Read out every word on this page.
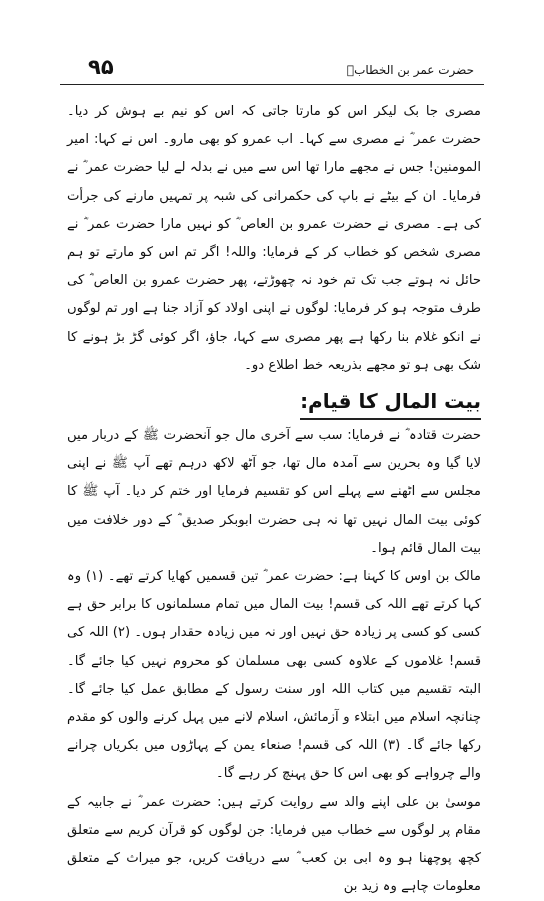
۹۵	حضرت عمر بن الخطابؓ

مصری جا بک لیکر اس کو مارتا جاتی کہ اس کو نیم بے ہوش کر دیا۔ حضرت عمر ؓ نے مصری سے کہا۔ اب عمرو کو بھی مارو۔ اس نے کہا: امیر المومنین! جس نے مجھے مارا تھا اس سے میں نے بدلہ لے لیا حضرت عمر ؓ نے فرمایا۔ ان کے بیٹے نے باپ کی حکمرانی کی شبہ پر تمہیں مارنے کی جرأت کی ہے۔ مصری نے حضرت عمرو بن العاص ؓ کو نہیں مارا حضرت عمر ؓ نے مصری شخص کو خطاب کر کے فرمایا: واللہ! اگر تم اس کو مارتے تو ہم حائل نہ ہوتے جب تک تم خود نہ چھوڑتے، پھر حضرت عمرو بن العاص ؓ کی طرف متوجہ ہو کر فرمایا: لوگوں نے اپنی اولاد کو آزاد جنا ہے اور تم لوگوں نے انکو غلام بنا رکھا ہے پھر مصری سے کہا، جاؤ، اگر کوئی گڑ بڑ ہونے کا شک بھی ہو تو مجھے بذریعہ خط اطلاع دو۔

بیت المال کا قیام:

حضرت قتادہ ؓ نے فرمایا: سب سے آخری مال جو آنحضرت ﷺ کے دربار میں لایا گیا وہ بحرین سے آمدہ مال تھا، جو آٹھ لاکھ درہم تھے آپ ﷺ نے اپنی مجلس سے اٹھنے سے پہلے اس کو تقسیم فرمایا اور ختم کر دیا۔ آپ ﷺ کا کوئی بیت المال نہیں تھا نہ ہی حضرت ابوبکر صدیق ؓ کے دور خلافت میں بیت المال قائم ہوا۔

مالک بن اوس کا کہنا ہے: حضرت عمر ؓ تین قسمیں کھایا کرتے تھے۔ (۱) وہ کہا کرتے تھے اللہ کی قسم! بیت المال میں تمام مسلمانوں کا برابر حق ہے کسی کو کسی پر زیادہ حق نہیں اور نہ میں زیادہ حقدار ہوں۔ (۲) اللہ کی قسم! غلاموں کے علاوہ کسی بھی مسلمان کو محروم نہیں کیا جائے گا۔ البتہ تقسیم میں کتاب اللہ اور سنت رسول کے مطابق عمل کیا جائے گا۔ چنانچہ اسلام میں ابتلاء و آزمائش، اسلام لانے میں پہل کرنے والوں کو مقدم رکھا جائے گا۔ (۳) اللہ کی قسم! صنعاء یمن کے پہاڑوں میں بکریاں چرانے والے چرواہے کو بھی اس کا حق پہنچ کر رہے گا۔

موسیٰ بن علی اپنے والد سے روایت کرتے ہیں: حضرت عمر ؓ نے جابیہ کے مقام پر لوگوں سے خطاب میں فرمایا: جن لوگوں کو قرآن کریم سے متعلق کچھ پوچھنا ہو وہ ابی بن کعب ؓ سے دریافت کریں، جو میراث کے متعلق معلومات چاہے وہ زید بن
